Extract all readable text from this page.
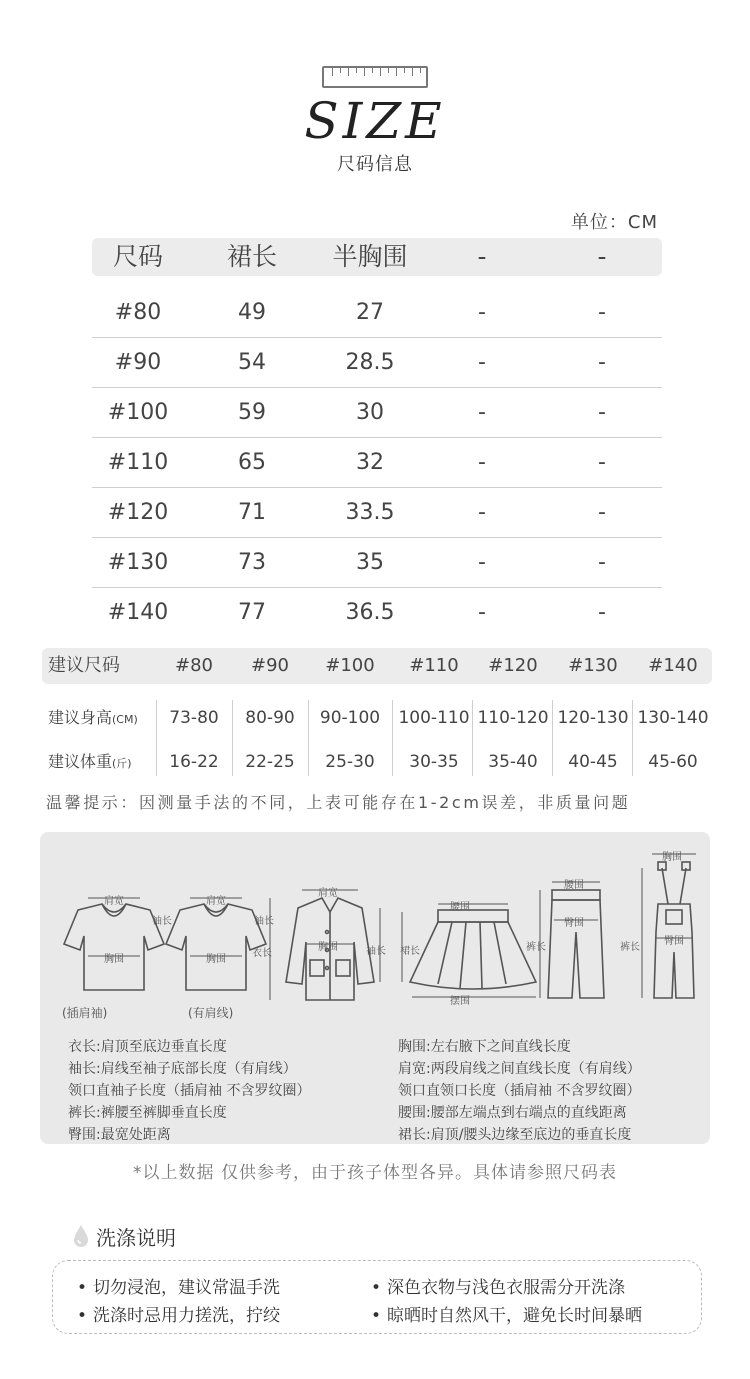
SIZE
尺码信息
单位：CM
尺码	裙长	半胸围	-	-
#80	49	27	-	-
#90	54	28.5	-	-
#100	59	30	-	-
#110	65	32	-	-
#120	71	33.5	-	-
#130	73	35	-	-
#140	77	36.5	-	-
建议尺码	#80	#90	#100	#110	#120	#130	#140
建议身高(CM)	73-80	80-90	90-100	100-110 110-120 120-130 130-140
建议体重(斤)	16-22	22-25	25-30	30-35	35-40	40-45	45-60
温馨提示：因测量手法的不同，上表可能存在1-2cm误差，非质量问题
肩宽
胸围
袖长
肩宽
胸围
袖长
肩宽
胸围
衣长	袖长
腰围
裙长
摆围
腰围
臀围
裤长
胸围
臀围
裤长
(插肩袖)	(有肩线)
衣长:肩顶至底边垂直长度
袖长:肩线至袖子底部长度（有肩线）
领口直袖子长度（插肩袖 不含罗纹圈）
裤长:裤腰至裤脚垂直长度
臀围:最宽处距离
胸围:左右腋下之间直线长度
肩宽:两段肩线之间直线长度（有肩线）
领口直领口长度（插肩袖 不含罗纹圈）
腰围:腰部左端点到右端点的直线距离
裙长:肩顶/腰头边缘至底边的垂直长度
*以上数据 仅供参考，由于孩子体型各异。具体请参照尺码表
洗涤说明
• 切勿浸泡，建议常温手洗	• 深色衣物与浅色衣服需分开洗涤
• 洗涤时忌用力搓洗，拧绞	• 晾晒时自然风干，避免长时间暴晒
